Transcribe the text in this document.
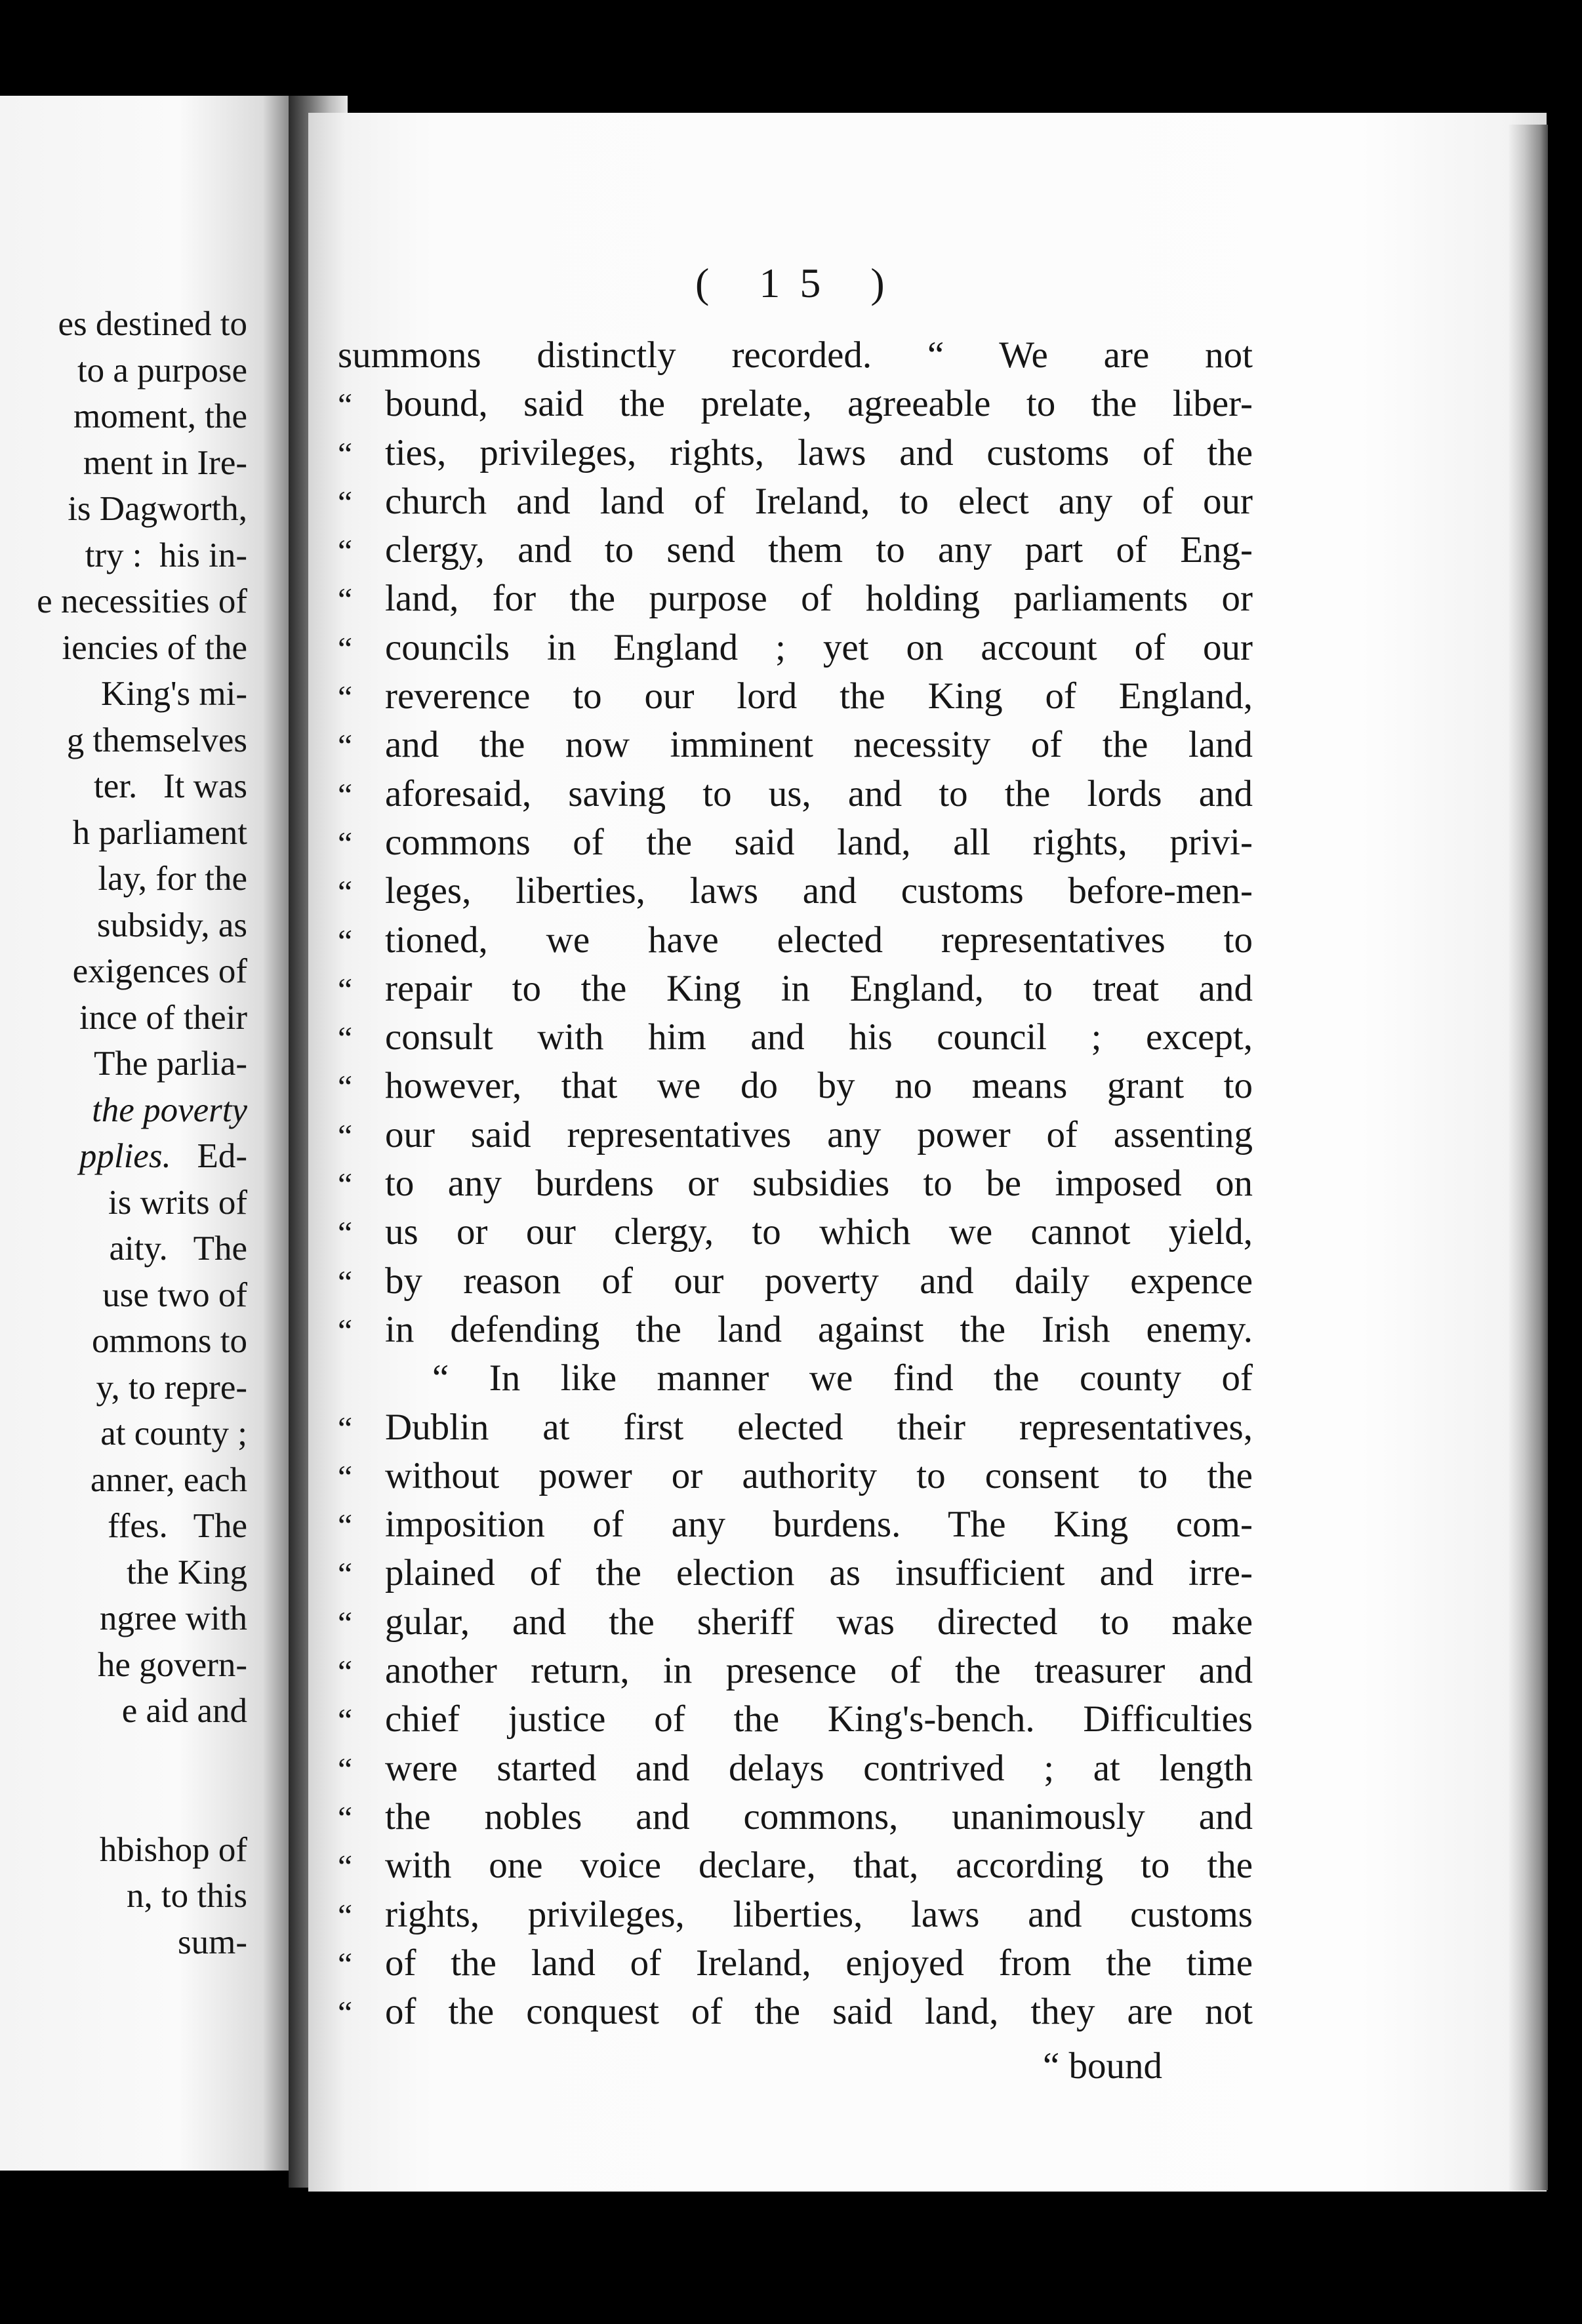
es destined to
to a purpose
moment, the
ment in Ire-
is Dagworth,
try :  his in-
e necessities of
iencies of the
King's mi-
g themselves
ter.   It was
h parliament
lay, for the
subsidy, as
exigences of
ince of their
The parlia-
the poverty
pplies.   Ed-
is writs of
aity.   The
use two of
ommons to
y, to repre-
at county ;
anner, each
ffes.   The
the King
ngree with
he govern-
e aid and
hbishop of
n, to this
sum-
( 15 )
summons distinctly recorded. “ We are not
“ bound, said the prelate, agreeable to the liber-
“ ties, privileges, rights, laws and customs of the
“ church and land of Ireland, to elect any of our
“ clergy, and to send them to any part of Eng-
“ land, for the purpose of holding parliaments or
“ councils in England ; yet on account of our
“ reverence to our lord the King of England,
“ and the now imminent necessity of the land
“ aforesaid, saving to us, and to the lords and
“ commons of the said land, all rights, privi-
“ leges, liberties, laws and customs before-men-
“ tioned, we have elected representatives to
“ repair to the King in England, to treat and
“ consult with him and his council ; except,
“ however, that we do by no means grant to
“ our said representatives any power of assenting
“ to any burdens or subsidies to be imposed on
“ us or our clergy, to which we cannot yield,
“ by reason of our poverty and daily expence
“ in defending the land against the Irish enemy.
“ In like manner we find the county of
“ Dublin at first elected their representatives,
“ without power or authority to consent to the
“ imposition of any burdens. The King com-
“ plained of the election as insufficient and irre-
“ gular, and the sheriff was directed to make
“ another return, in presence of the treasurer and
“ chief justice of the King's-bench. Difficulties
“ were started and delays contrived ; at length
“ the nobles and commons, unanimously and
“ with one voice declare, that, according to the
“ rights, privileges, liberties, laws and customs
“ of the land of Ireland, enjoyed from the time
“ of the conquest of the said land, they are not
“ bound
